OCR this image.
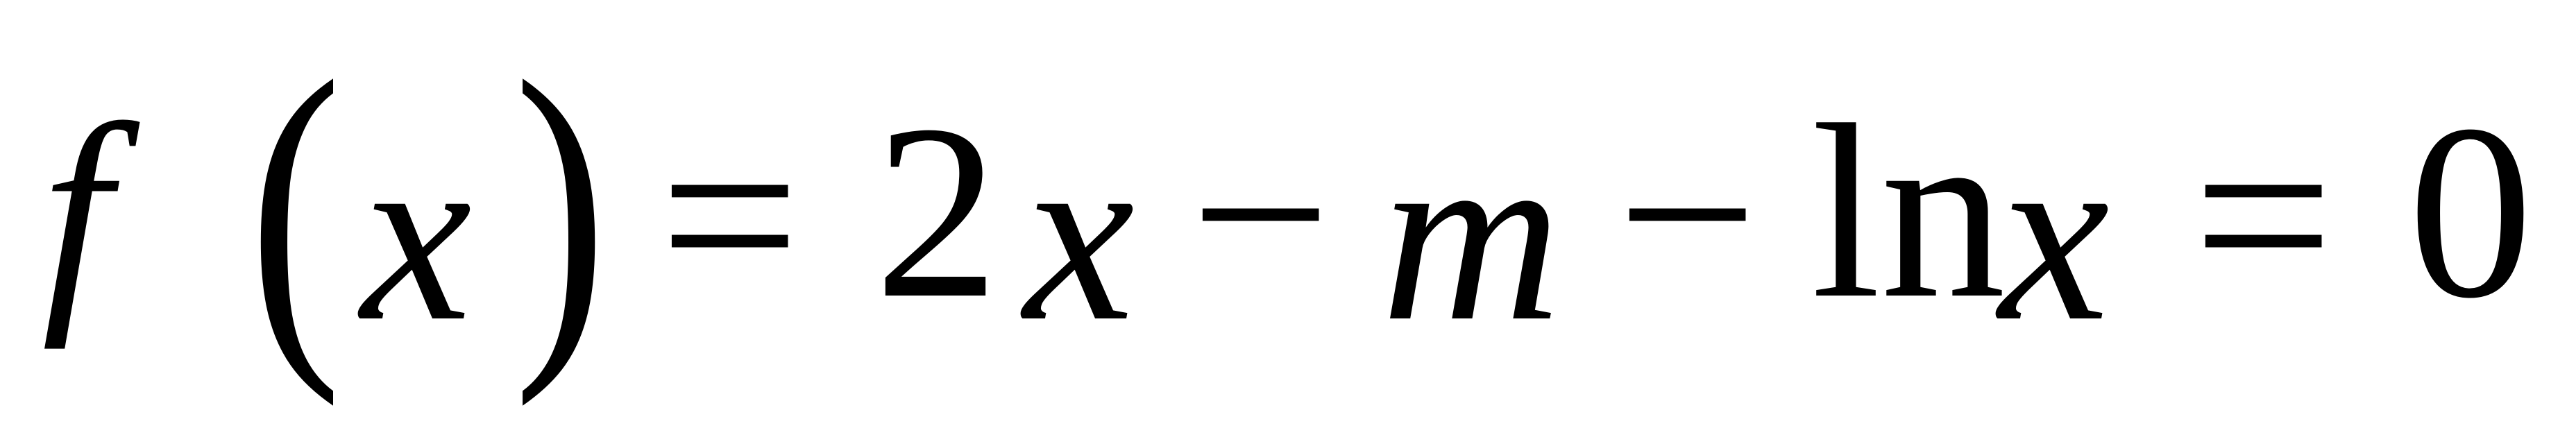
f ( x ) = 2 x − m − ln
x = 0
